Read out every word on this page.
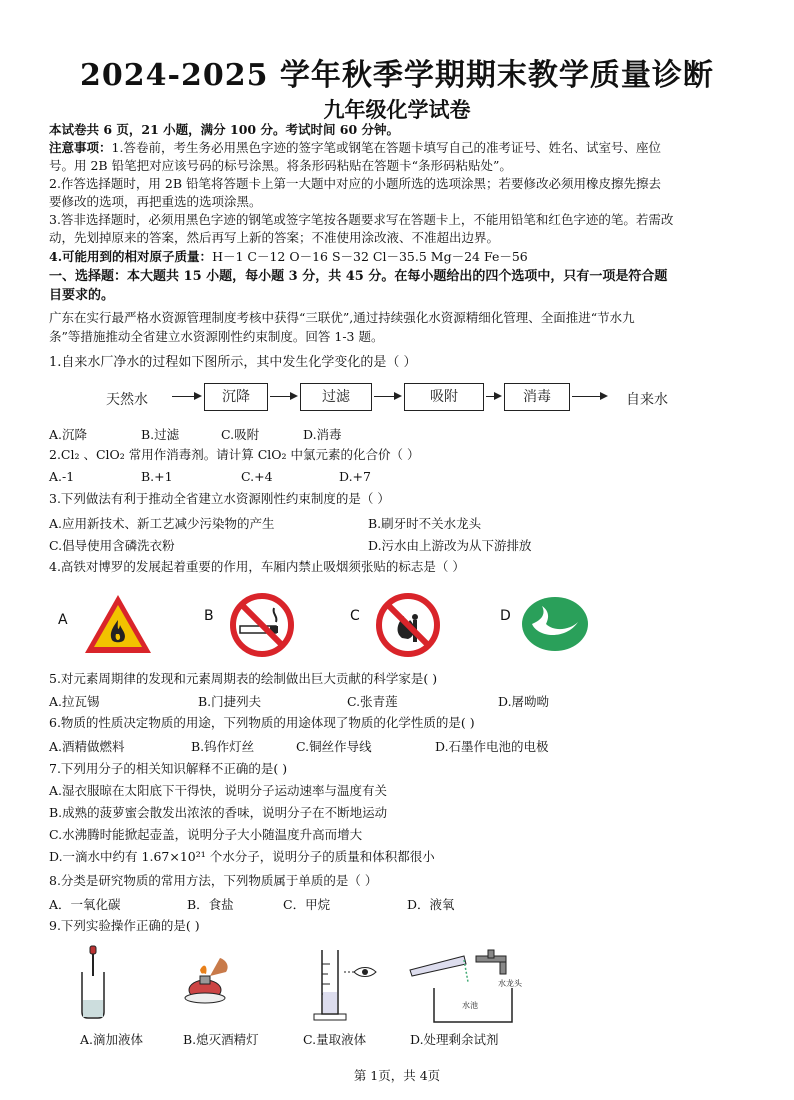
2024-2025 学年秋季学期期末教学质量诊断
九年级化学试卷
本试卷共 6 页，21 小题，满分 100 分。考试时间 60 分钟。
注意事项：1.答卷前，考生务必用黑色字迹的签字笔或钢笔在答题卡填写自己的准考证号、姓名、试室号、座位
号。用 2B 铅笔把对应该号码的标号涂黑。将条形码粘贴在答题卡“条形码粘贴处”。
2.作答选择题时，用 2B 铅笔将答题卡上第一大题中对应的小题所选的选项涂黑；若要修改必须用橡皮擦先擦去
要修改的选项，再把重选的选项涂黑。
3.答非选择题时，必须用黑色字迹的钢笔或签字笔按各题要求写在答题卡上，不能用铅笔和红色字迹的笔。若需改
动，先划掉原来的答案，然后再写上新的答案；不准使用涂改液、不准超出边界。
4.可能用到的相对原子质量：H－1 C－12 O－16 S－32 Cl－35.5 Mg－24 Fe－56
一、选择题：本大题共 15 小题，每小题 3 分，共 45 分。在每小题给出的四个选项中，只有一项是符合题
目要求的。
广东在实行最严格水资源管理制度考核中获得“三联优”,通过持续强化水资源精细化管理、全面推进“节水九
条”等措施推动全省建立水资源刚性约束制度。回答 1-3 题。
1.自来水厂净水的过程如下图所示，其中发生化学变化的是（ ）
天然水	沉降	过滤	吸附	消毒	自来水
A.沉降	B.过滤	C.吸附	D.消毒
2.Cl₂ 、ClO₂ 常用作消毒剂。请计算 ClO₂ 中氯元素的化合价（ ）
A.-1	B.+1	C.+4	D.+7
3.下列做法有利于推动全省建立水资源刚性约束制度的是（ ）
A.应用新技术、新工艺减少污染物的产生	B.刷牙时不关水龙头
C.倡导使用含磷洗衣粉	D.污水由上游改为从下游排放
4.高铁对博罗的发展起着重要的作用，车厢内禁止吸烟须张贴的标志是（ ）
A	B	C	D
5.对元素周期律的发现和元素周期表的绘制做出巨大贡献的科学家是( )
A.拉瓦锡	B.门捷列夫	C.张青莲	D.屠呦呦
6.物质的性质决定物质的用途，下列物质的用途体现了物质的化学性质的是( )
A.酒精做燃料	B.钨作灯丝	C.铜丝作导线	D.石墨作电池的电极
7.下列用分子的相关知识解释不正确的是( )
A.湿衣服晾在太阳底下干得快，说明分子运动速率与温度有关
B.成熟的菠萝蜜会散发出浓浓的香味，说明分子在不断地运动
C.水沸腾时能掀起壶盖，说明分子大小随温度升高而增大
D.一滴水中约有 1.67×10²¹ 个水分子，说明分子的质量和体积都很小
8.分类是研究物质的常用方法，下列物质属于单质的是（ ）
A．一氧化碳	B．食盐	C．甲烷	D．液氧
9.下列实验操作正确的是( )
水龙头
水池
A.滴加液体	B.熄灭酒精灯	C.量取液体	D.处理剩余试剂
第 1页，共 4页
